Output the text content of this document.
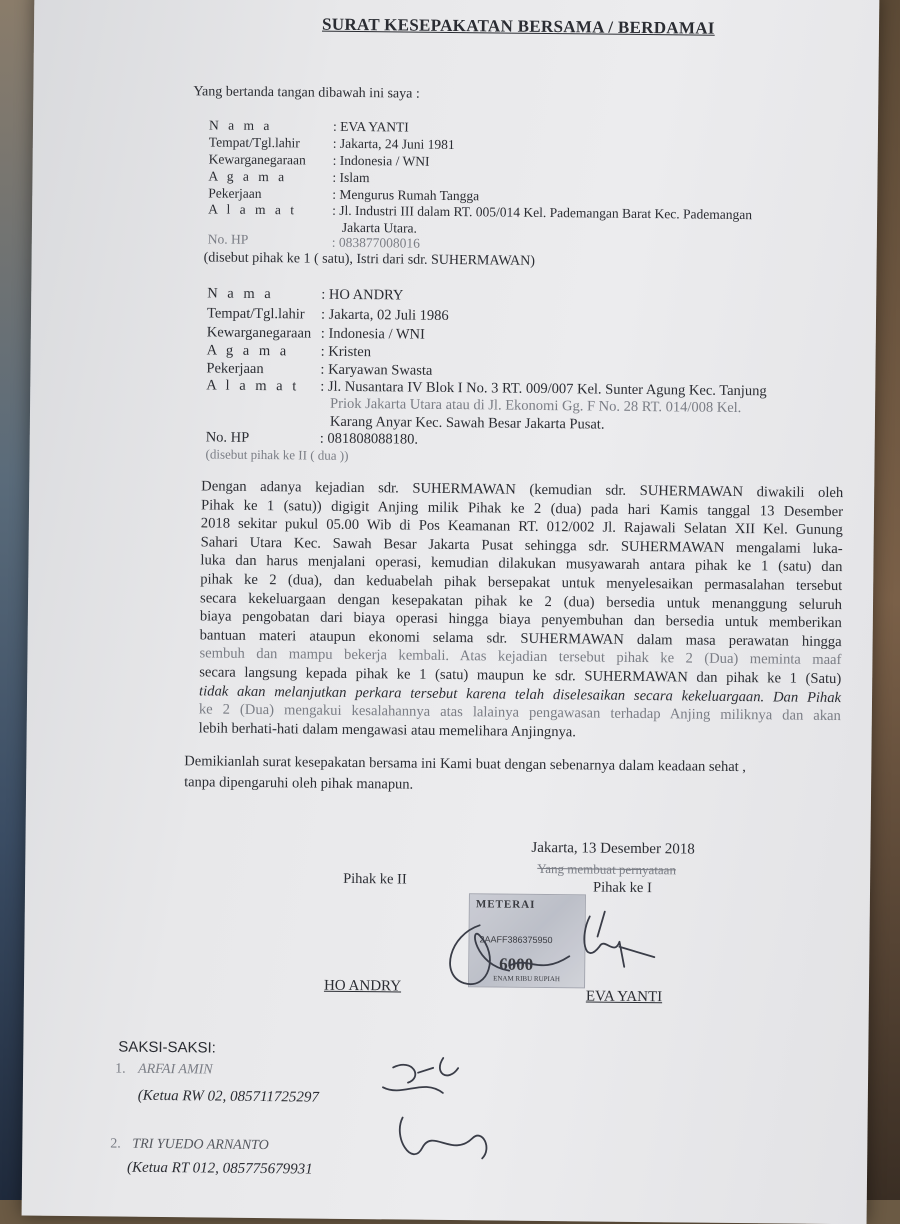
SURAT KESEPAKATAN BERSAMA / BERDAMAI
Yang bertanda tangan dibawah ini saya :
N a m a	: EVA YANTI
Tempat/Tgl.lahir : Jakarta, 24 Juni 1981
Kewarganegaraan : Indonesia / WNI
A g a m a	: Islam
Pekerjaan	: Mengurus Rumah Tangga
A l a m a t	: Jl. Industri III dalam RT. 005/014 Kel. Pademangan Barat Kec. Pademangan
Jakarta Utara.
No. HP	: 083877008016
(disebut pihak ke 1 ( satu), Istri dari sdr. SUHERMAWAN)
N a m a	: HO ANDRY
Tempat/Tgl.lahir : Jakarta, 02 Juli 1986
Kewarganegaraan : Indonesia / WNI
A g a m a : Kristen
Pekerjaan	: Karyawan Swasta
A l a m a t : Jl. Nusantara IV Blok I No. 3 RT. 009/007 Kel. Sunter Agung Kec. Tanjung
Priok Jakarta Utara atau di Jl. Ekonomi Gg. F No. 28 RT. 014/008 Kel.
Karang Anyar Kec. Sawah Besar Jakarta Pusat.
No. HP	: 081808088180.
(disebut pihak ke II ( dua ))
Dengan adanya kejadian sdr. SUHERMAWAN (kemudian sdr. SUHERMAWAN diwakili oleh
Pihak ke 1 (satu)) digigit Anjing milik Pihak ke 2 (dua) pada hari Kamis tanggal 13 Desember
2018 sekitar pukul 05.00 Wib di Pos Keamanan RT. 012/002 Jl. Rajawali Selatan XII Kel. Gunung
Sahari Utara Kec. Sawah Besar Jakarta Pusat sehingga sdr. SUHERMAWAN mengalami luka-
luka dan harus menjalani operasi, kemudian dilakukan musyawarah antara pihak ke 1 (satu) dan
pihak ke 2 (dua), dan keduabelah pihak bersepakat untuk menyelesaikan permasalahan tersebut
secara kekeluargaan dengan kesepakatan pihak ke 2 (dua) bersedia untuk menanggung seluruh
biaya pengobatan dari biaya operasi hingga biaya penyembuhan dan bersedia untuk memberikan
bantuan materi ataupun ekonomi selama sdr. SUHERMAWAN dalam masa perawatan hingga
sembuh dan mampu bekerja kembali. Atas kejadian tersebut pihak ke 2 (Dua) meminta maaf
secara langsung kepada pihak ke 1 (satu) maupun ke sdr. SUHERMAWAN dan pihak ke 1 (Satu)
tidak akan melanjutkan perkara tersebut karena telah diselesaikan secara kekeluargaan. Dan Pihak
ke 2 (Dua) mengakui kesalahannya atas lalainya pengawasan terhadap Anjing miliknya dan akan
lebih berhati-hati dalam mengawasi atau memelihara Anjingnya.
Demikianlah surat kesepakatan bersama ini Kami buat dengan sebenarnya dalam keadaan sehat ,
tanpa dipengaruhi oleh pihak manapun.
Jakarta, 13 Desember 2018
Yang membuat pernyataan
Pihak ke II
Pihak ke I
METERAI
2AAFF386375950
6000
ENAM RIBU RUPIAH
HO ANDRY
EVA YANTI
SAKSI-SAKSI:
1. ARFAI AMIN
(Ketua RW 02, 085711725297
2. TRI YUEDO ARNANTO
(Ketua RT 012, 085775679931
